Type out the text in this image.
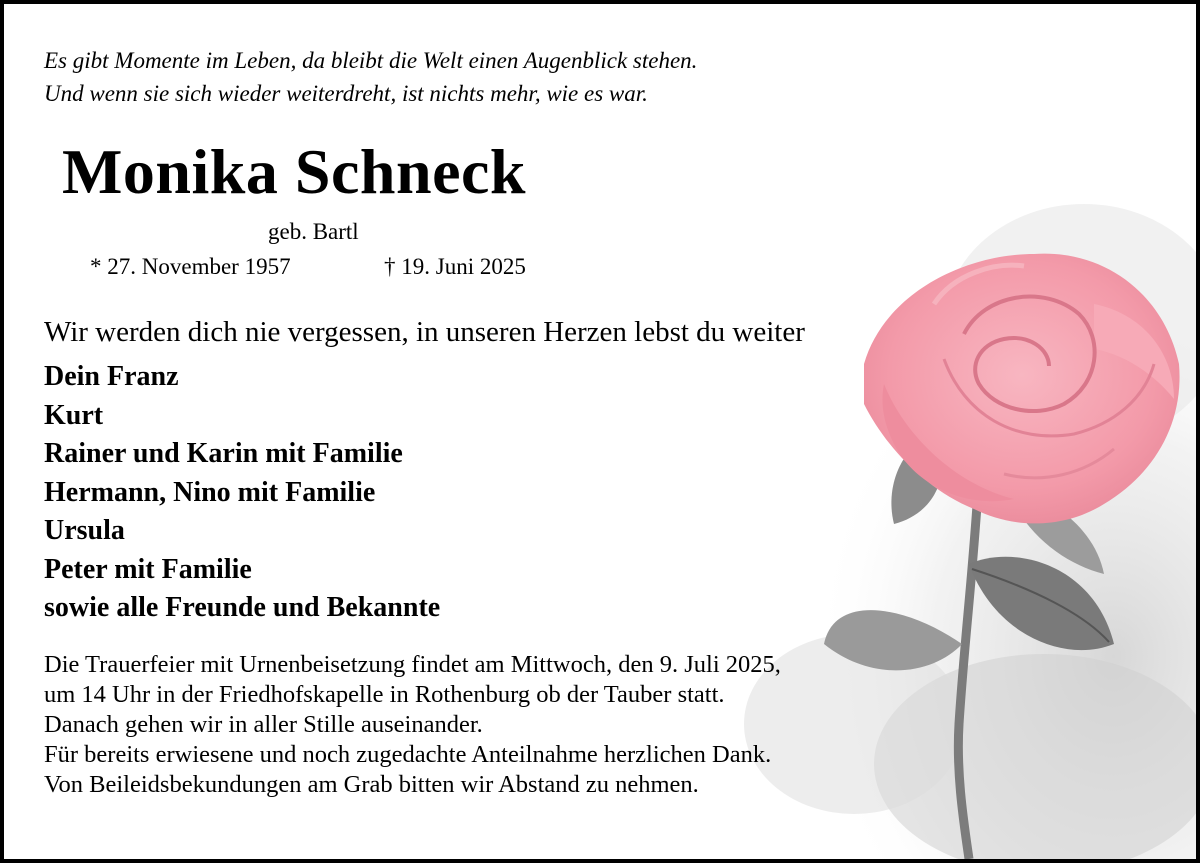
Es gibt Momente im Leben, da bleibt die Welt einen Augenblick stehen.
Und wenn sie sich wieder weiterdreht, ist nichts mehr, wie es war.
Monika Schneck
geb. Bartl
* 27. November 1957	† 19. Juni 2025
Wir werden dich nie vergessen, in unseren Herzen lebst du weiter
Dein Franz
Kurt
Rainer und Karin mit Familie
Hermann, Nino mit Familie
Ursula
Peter mit Familie
sowie alle Freunde und Bekannte
Die Trauerfeier mit Urnenbeisetzung findet am Mittwoch, den 9. Juli 2025,
um 14 Uhr in der Friedhofskapelle in Rothenburg ob der Tauber statt.
Danach gehen wir in aller Stille auseinander.
Für bereits erwiesene und noch zugedachte Anteilnahme herzlichen Dank.
Von Beileidsbekundungen am Grab bitten wir Abstand zu nehmen.
